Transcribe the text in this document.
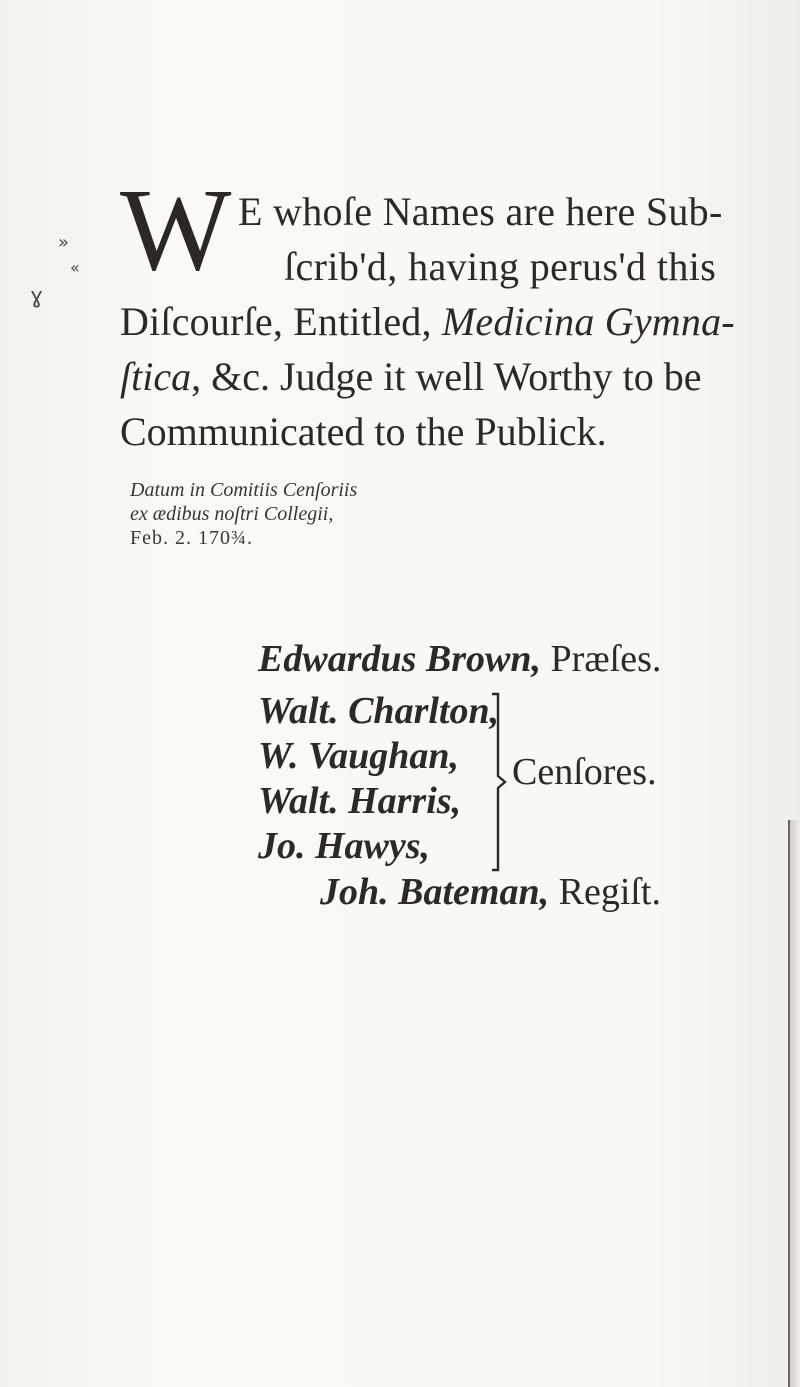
»
«
ɣ
W E whoſe Names are here Sub-
ſcrib'd, having perus'd this
Diſcourſe, Entitled, Medicina Gymna-
ſtica, &c. Judge it well Worthy to be
Communicated to the Publick.
Datum in Comitiis Cenſoriis
ex ædibus noſtri Collegii,
Feb. 2. 170¾.
Edwardus Brown, Præſes.
Walt. Charlton,
W. Vaughan,
Walt. Harris,
Jo. Hawys,
Cenſores.
Joh. Bateman, Regiſt.
